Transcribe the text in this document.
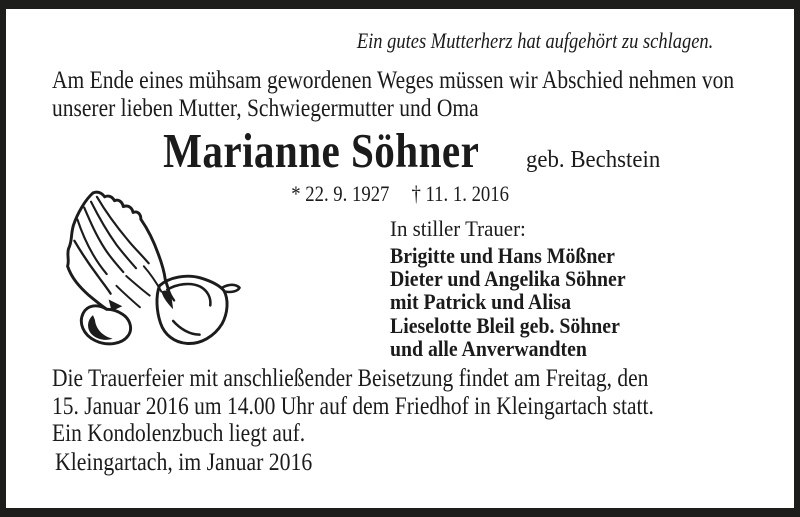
Ein gutes Mutterherz hat aufgehört zu schlagen.
Am Ende eines mühsam gewordenen Weges müssen wir Abschied nehmen von
unserer lieben Mutter, Schwiegermutter und Oma
Marianne Söhner geb. Bechstein
* 22. 9. 1927 † 11. 1. 2016
In stiller Trauer:
Brigitte und Hans Mößner
Dieter und Angelika Söhner
mit Patrick und Alisa
Lieselotte Bleil geb. Söhner
und alle Anverwandten
Die Trauerfeier mit anschließender Beisetzung findet am Freitag, den
15. Januar 2016 um 14.00 Uhr auf dem Friedhof in Kleingartach statt.
Ein Kondolenzbuch liegt auf.
Kleingartach, im Januar 2016
